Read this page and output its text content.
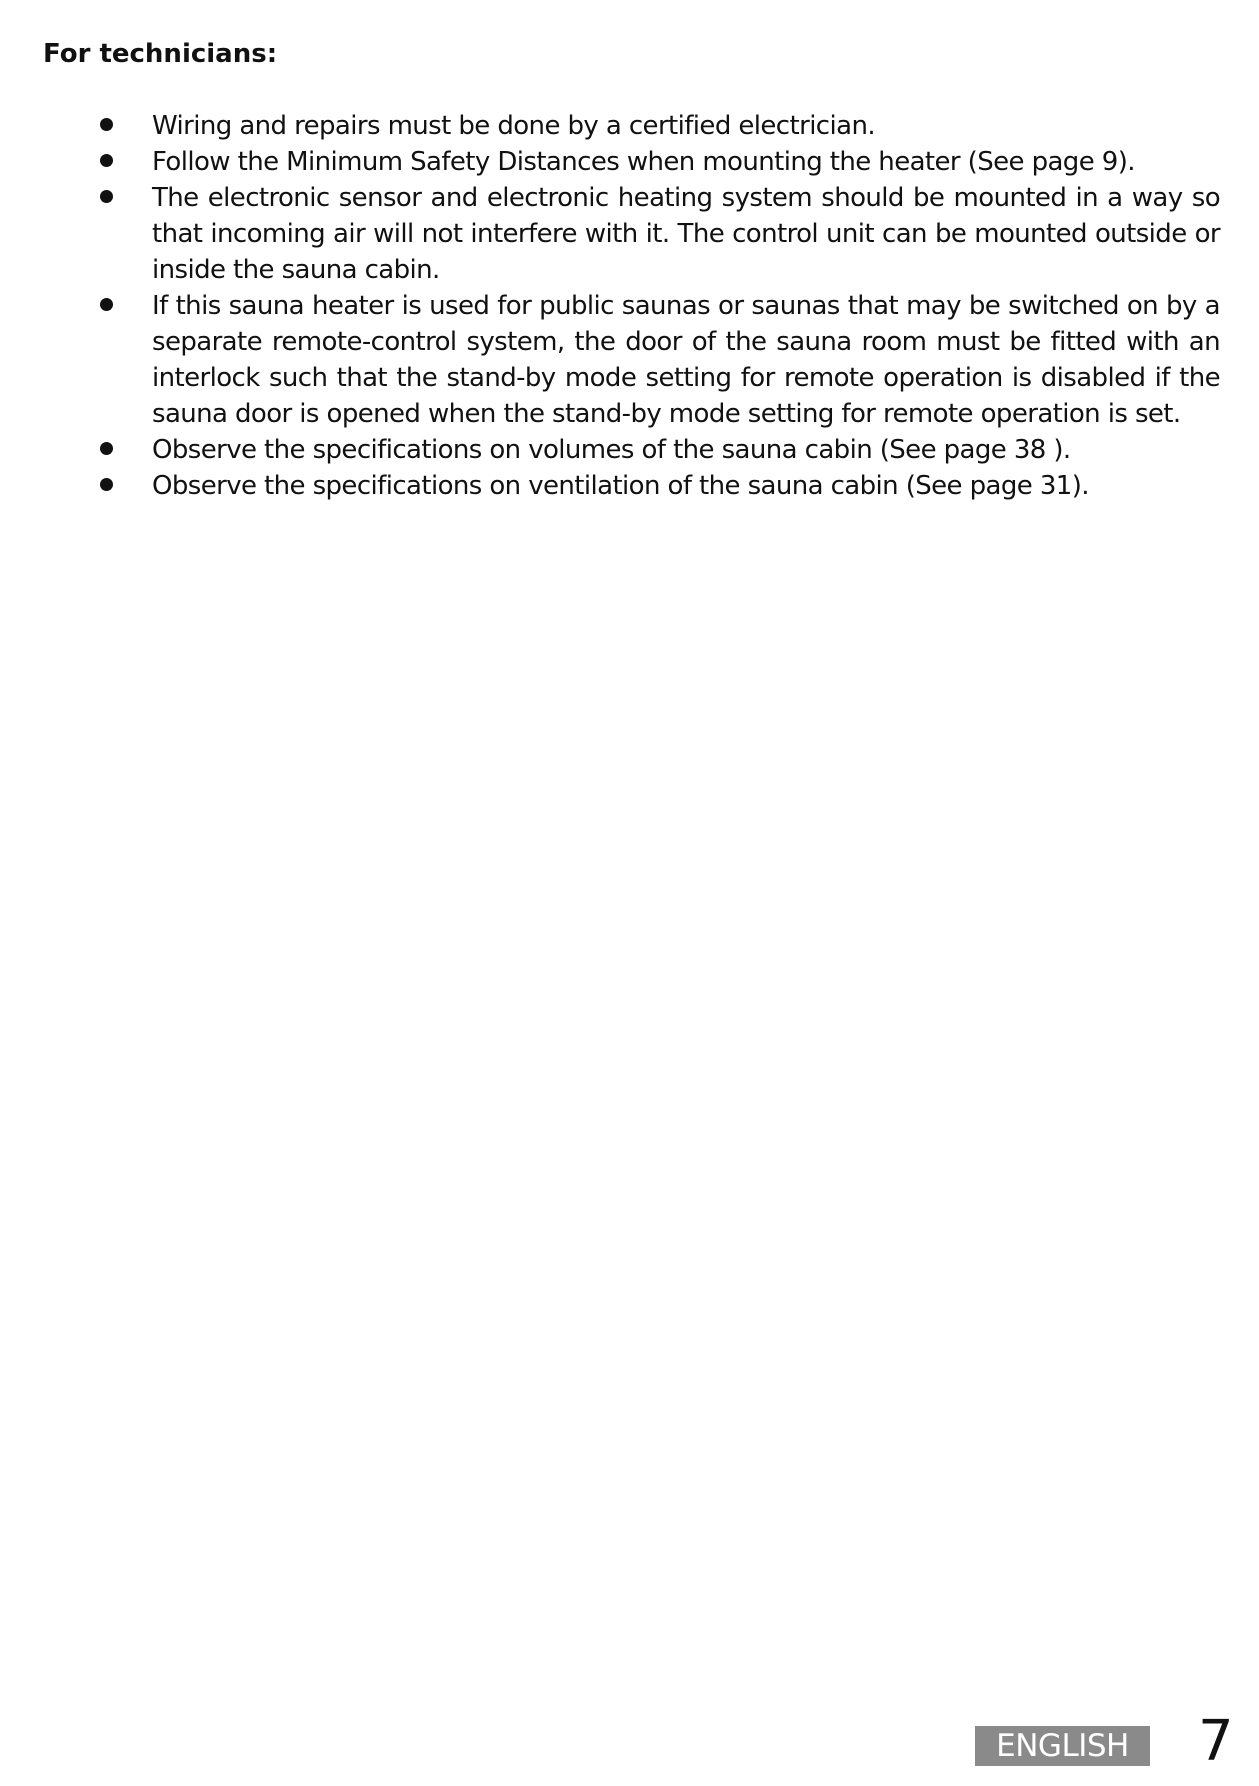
For technicians:
Wiring and repairs must be done by a certified electrician.
Follow the Minimum Safety Distances when mounting the heater (See page 9).
The electronic sensor and electronic heating system should be mounted in a way so that incoming air will not interfere with it. The control unit can be mounted outside or inside the sauna cabin.
If this sauna heater is used for public saunas or saunas that may be switched on by a separate remote-control system, the door of the sauna room must be fitted with an interlock such that the stand-by mode setting for remote operation is disabled if the sauna door is opened when the stand-by mode setting for remote operation is set.
Observe the specifications on volumes of the sauna cabin (See page 38 ).
Observe the specifications on ventilation of the sauna cabin (See page 31).
ENGLISH	7
